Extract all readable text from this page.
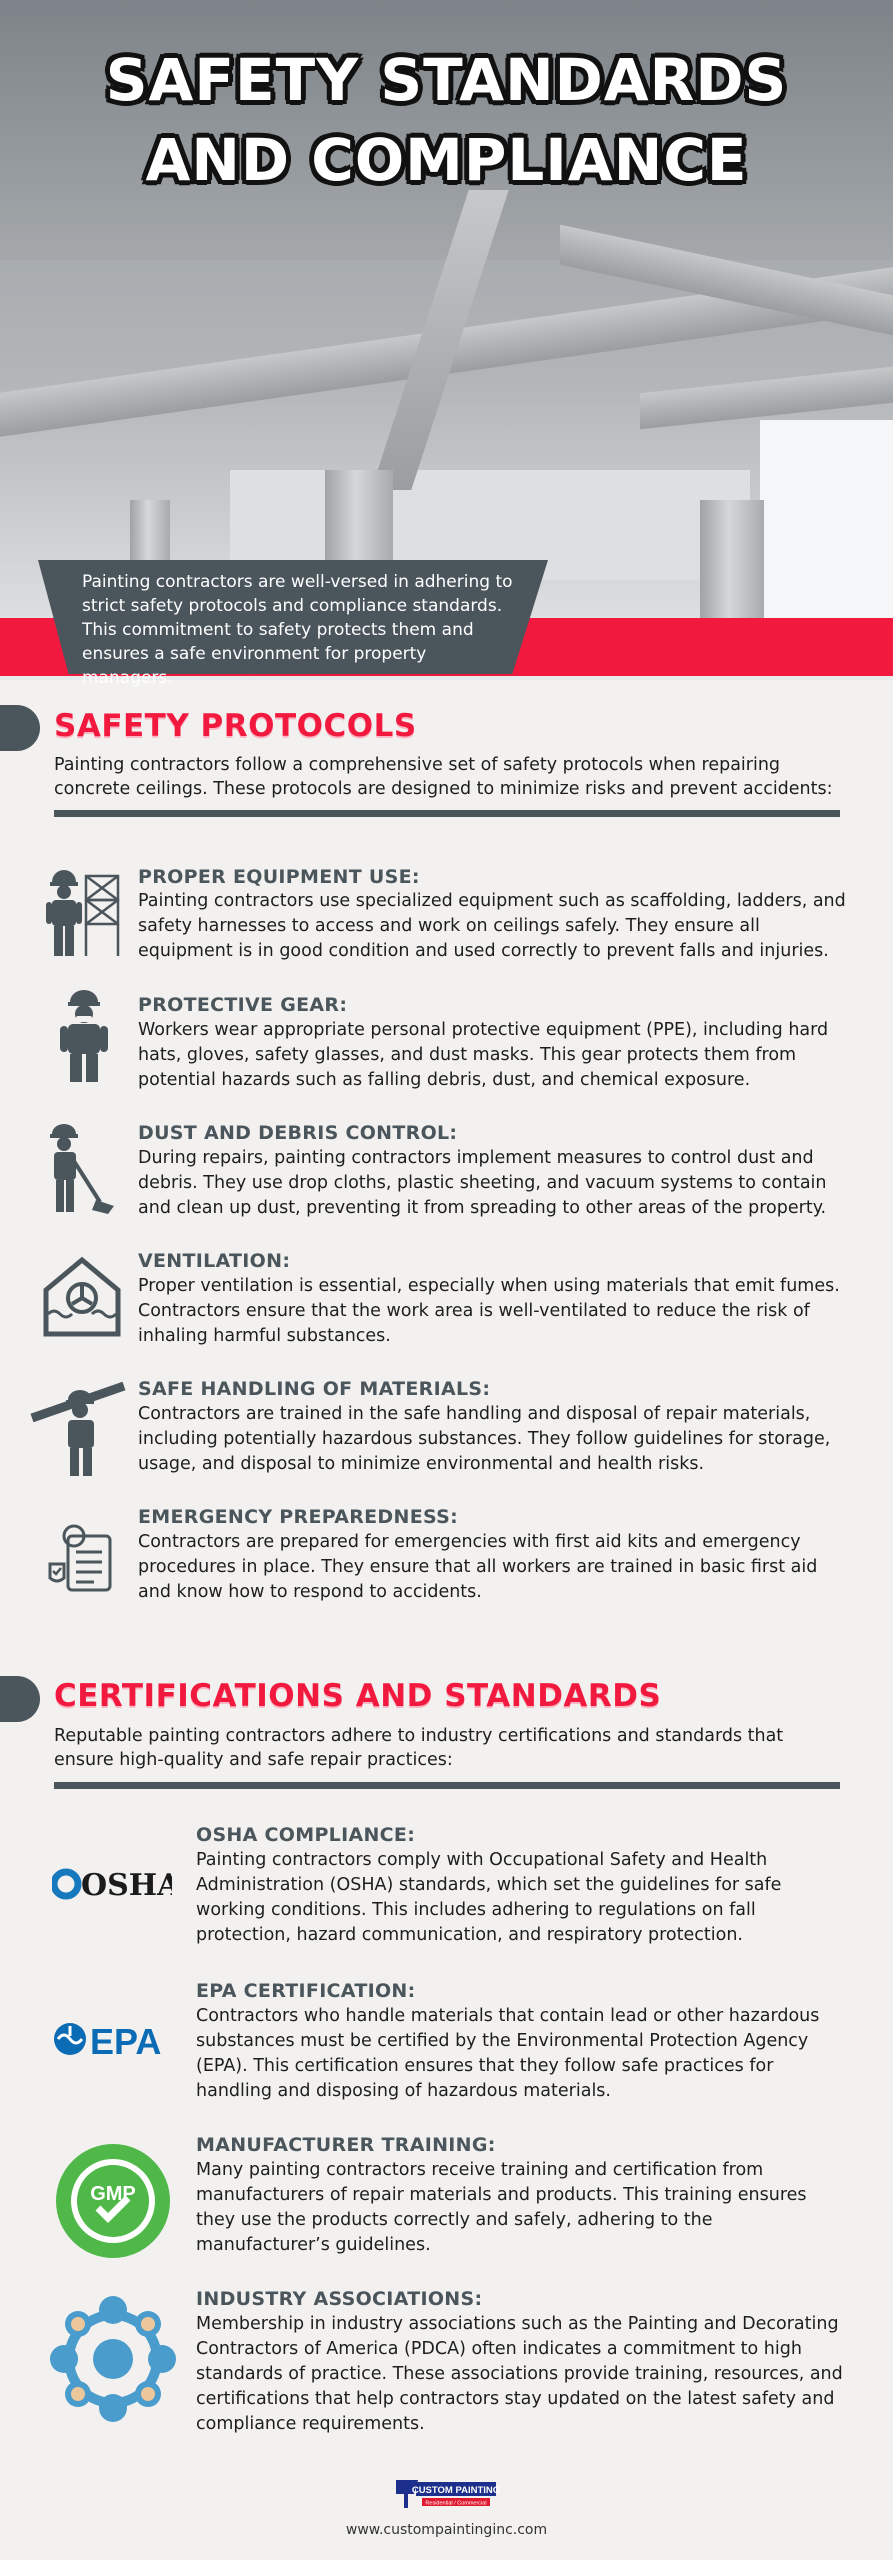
SAFETY STANDARDS
AND COMPLIANCE
Painting contractors are well-versed in adhering to strict safety protocols and compliance standards. This commitment to safety protects them and ensures a safe environment for property managers.
SAFETY PROTOCOLS
Painting contractors follow a comprehensive set of safety protocols when repairing concrete ceilings. These protocols are designed to minimize risks and prevent accidents:
PROPER EQUIPMENT USE:
Painting contractors use specialized equipment such as scaffolding, ladders, and safety harnesses to access and work on ceilings safely. They ensure all equipment is in good condition and used correctly to prevent falls and injuries.
PROTECTIVE GEAR:
Workers wear appropriate personal protective equipment (PPE), including hard hats, gloves, safety glasses, and dust masks. This gear protects them from potential hazards such as falling debris, dust, and chemical exposure.
DUST AND DEBRIS CONTROL:
During repairs, painting contractors implement measures to control dust and debris. They use drop cloths, plastic sheeting, and vacuum systems to contain and clean up dust, preventing it from spreading to other areas of the property.
VENTILATION:
Proper ventilation is essential, especially when using materials that emit fumes. Contractors ensure that the work area is well-ventilated to reduce the risk of inhaling harmful substances.
SAFE HANDLING OF MATERIALS:
Contractors are trained in the safe handling and disposal of repair materials, including potentially hazardous substances. They follow guidelines for storage, usage, and disposal to minimize environmental and health risks.
EMERGENCY PREPAREDNESS:
Contractors are prepared for emergencies with first aid kits and emergency procedures in place. They ensure that all workers are trained in basic first aid and know how to respond to accidents.
CERTIFICATIONS AND STANDARDS
Reputable painting contractors adhere to industry certifications and standards that ensure high-quality and safe repair practices:
OSHA
OSHA COMPLIANCE:
Painting contractors comply with Occupational Safety and Health Administration (OSHA) standards, which set the guidelines for safe working conditions. This includes adhering to regulations on fall protection, hazard communication, and respiratory protection.
EPA
EPA CERTIFICATION:
Contractors who handle materials that contain lead or other hazardous substances must be certified by the Environmental Protection Agency (EPA). This certification ensures that they follow safe practices for handling and disposing of hazardous materials.
GMP
MANUFACTURER TRAINING:
Many painting contractors receive training and certification from manufacturers of repair materials and products. This training ensures they use the products correctly and safely, adhering to the manufacturer’s guidelines.
INDUSTRY ASSOCIATIONS:
Membership in industry associations such as the Painting and Decorating Contractors of America (PDCA) often indicates a commitment to high standards of practice. These associations provide training, resources, and certifications that help contractors stay updated on the latest safety and compliance requirements.
CUSTOM PAINTING
Residential / Commercial
www.custompaintinginc.com
